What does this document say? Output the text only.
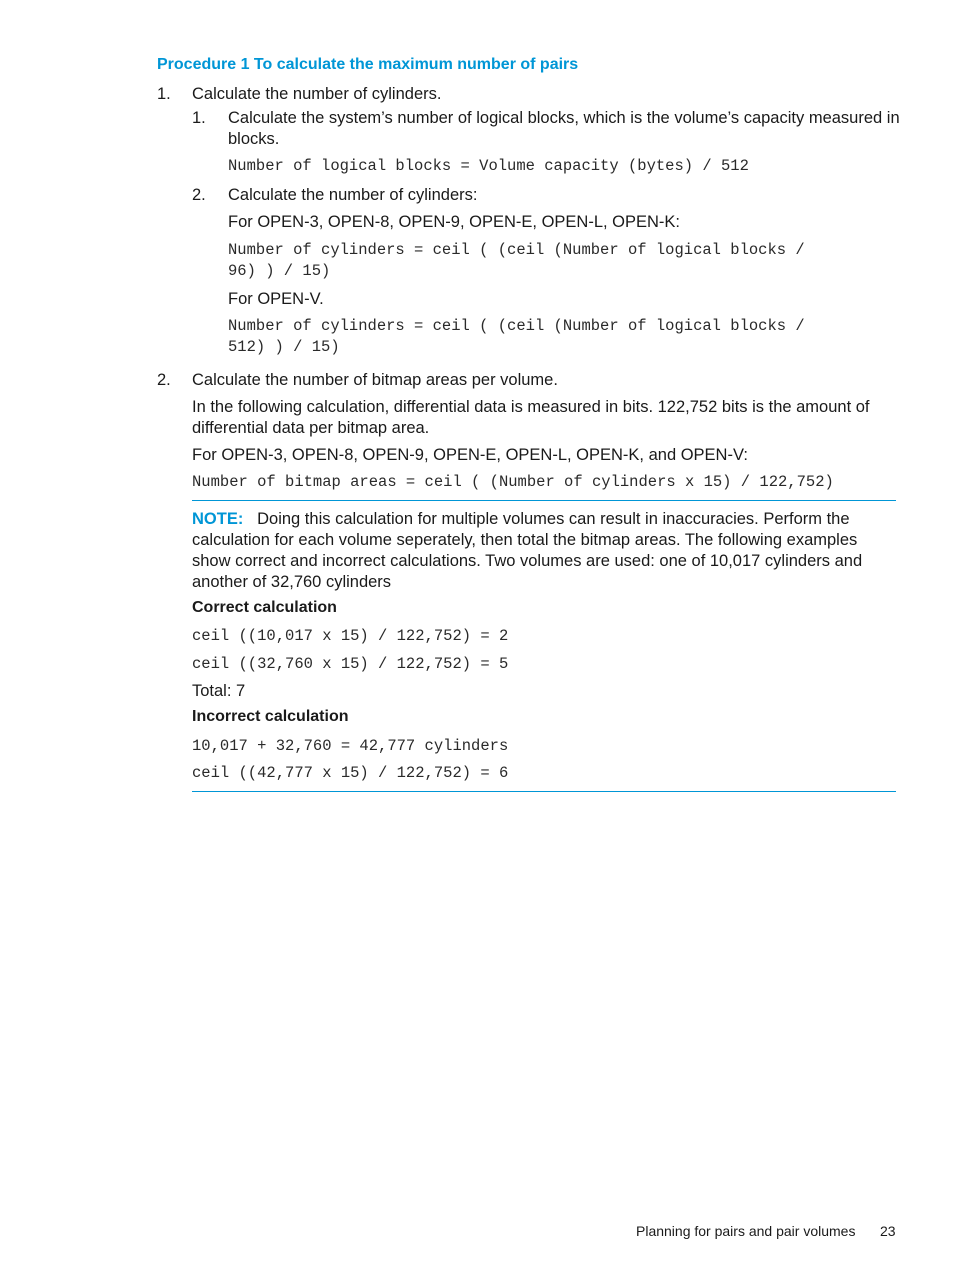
Procedure 1 To calculate the maximum number of pairs
1. Calculate the number of cylinders.
1. Calculate the system’s number of logical blocks, which is the volume’s capacity measured in blocks.
Number of logical blocks = Volume capacity (bytes) / 512
2. Calculate the number of cylinders:
For OPEN-3, OPEN-8, OPEN-9, OPEN-E, OPEN-L, OPEN-K:
Number of cylinders = ceil ( (ceil (Number of logical blocks /
96) ) / 15)
For OPEN-V.
Number of cylinders = ceil ( (ceil (Number of logical blocks /
512) ) / 15)
2. Calculate the number of bitmap areas per volume.
In the following calculation, differential data is measured in bits. 122,752 bits is the amount of differential data per bitmap area.
For OPEN-3, OPEN-8, OPEN-9, OPEN-E, OPEN-L, OPEN-K, and OPEN-V:
Number of bitmap areas = ceil ( (Number of cylinders x 15) / 122,752)
NOTE: Doing this calculation for multiple volumes can result in inaccuracies. Perform the calculation for each volume seperately, then total the bitmap areas. The following examples show correct and incorrect calculations. Two volumes are used: one of 10,017 cylinders and another of 32,760 cylinders
Correct calculation
ceil ((10,017 x 15) / 122,752) = 2
ceil ((32,760 x 15) / 122,752) = 5
Total: 7
Incorrect calculation
10,017 + 32,760 = 42,777 cylinders
ceil ((42,777 x 15) / 122,752) = 6
Planning for pairs and pair volumes 23
